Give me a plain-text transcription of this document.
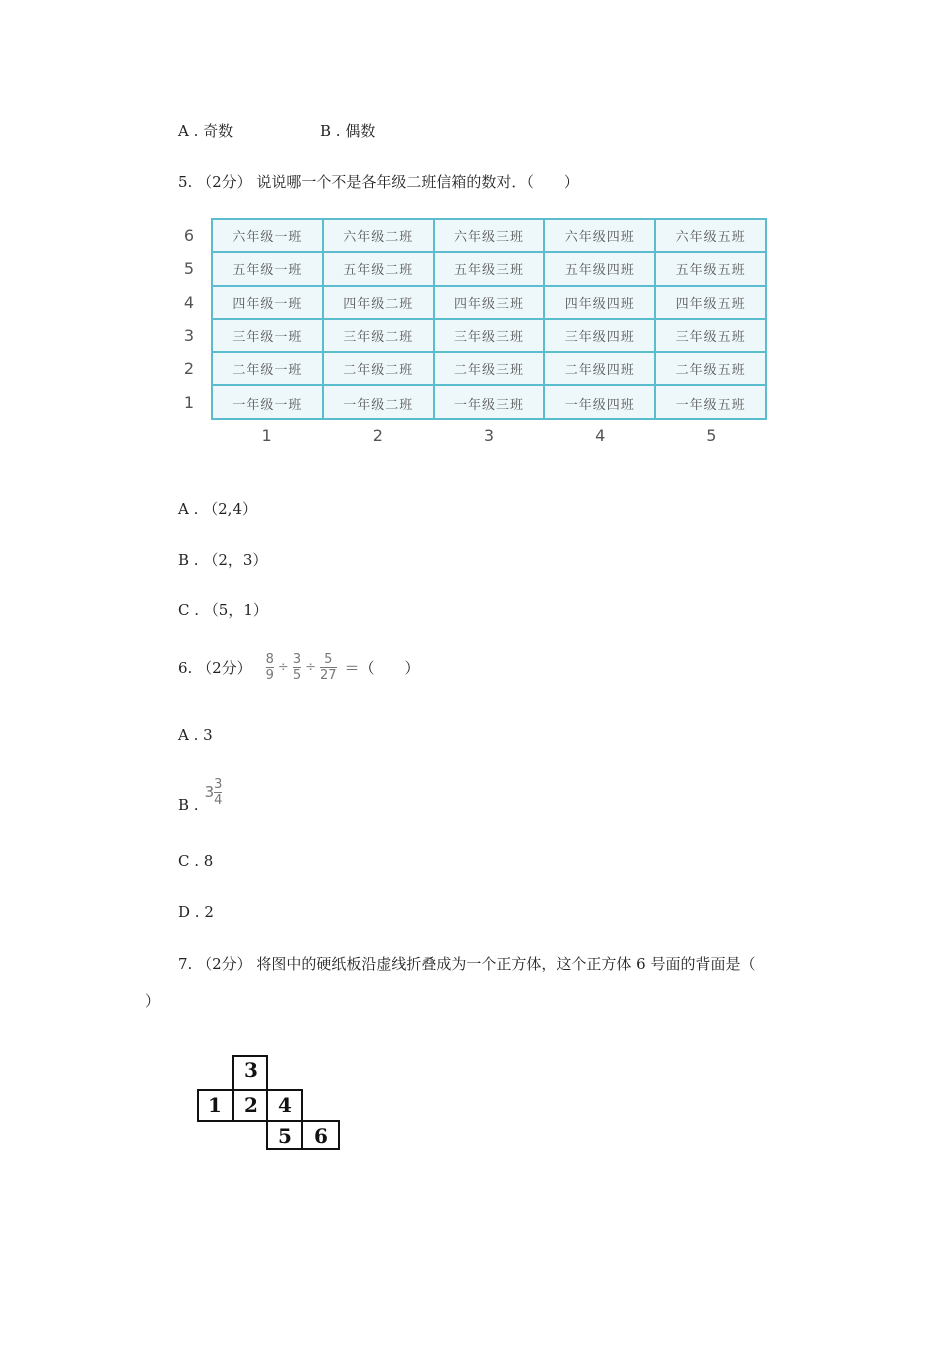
A . 奇数	B . 偶数
5. （2分） 说说哪一个不是各年级二班信箱的数对．（　　）
六年级一班	六年级二班	六年级三班	六年级四班	六年级五班
五年级一班	五年级二班	五年级三班	五年级四班	五年级五班
四年级一班	四年级二班	四年级三班	四年级四班	四年级五班
三年级一班	三年级二班	三年级三班	三年级四班	三年级五班
二年级一班	二年级二班	二年级三班	二年级四班	二年级五班
一年级一班	一年级二班	一年级三班	一年级四班	一年级五班
6
5
4
3
2
1
1	2	3	4	5
A . （2,4）
B . （2，3）
C . （5，1）
6. （2分） $\frac{8}{9} \div \frac{3}{5} \div \frac{5}{27}$ ＝（　　）
A . 3
B .
$3 \frac{3}{4}$
C . 8
D . 2
7. （2分） 将图中的硬纸板沿虚线折叠成为一个正方体，这个正方体 6 号面的背面是（
）
3
1 2 4
5 6
